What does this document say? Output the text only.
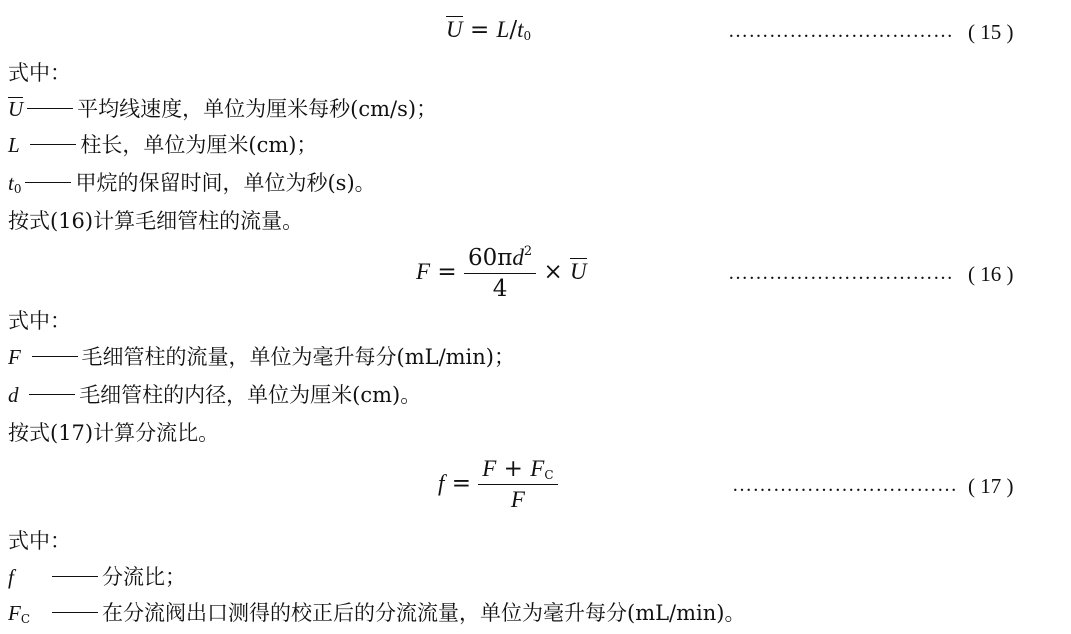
$U = L/t_0$	…………………………… ( 15 )
式中：
U	平均线速度，单位为厘米每秒(cm/s)；
L	柱长，单位为厘米(cm)；
$t_0$	甲烷的保留时间，单位为秒(s)。
按式(16)计算毛细管柱的流量。
$F = \frac{60\pi d^2}{4} \times U$	…………………………… ( 16 )
式中：
F	毛细管柱的流量，单位为毫升每分(mL/min)；
d	毛细管柱的内径，单位为厘米(cm)。
按式(17)计算分流比。
$f = \frac{F + F_C}{F}$	…………………………… ( 17 )
式中：
f	分流比；
$F_C$	在分流阀出口测得的校正后的分流流量，单位为毫升每分(mL/min)。
